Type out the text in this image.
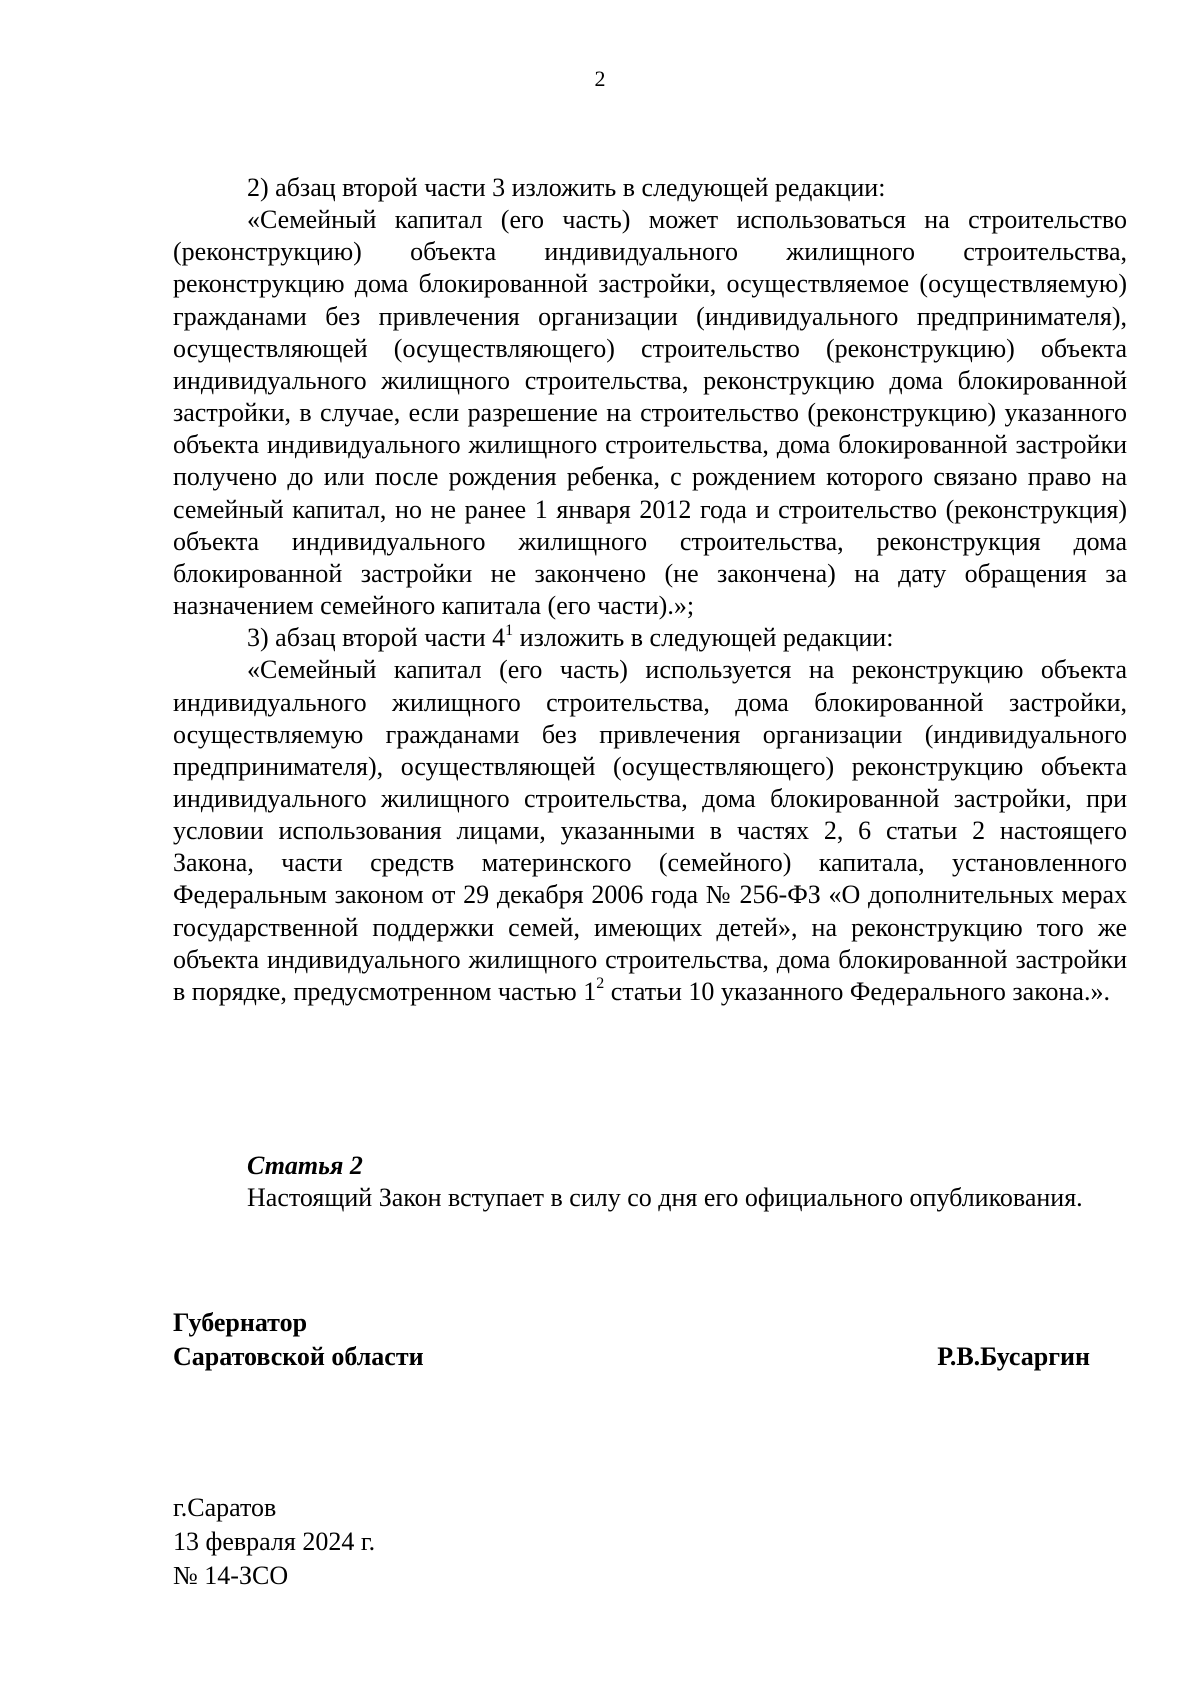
2

2) абзац второй части 3 изложить в следующей редакции:

«Семейный капитал (его часть) может использоваться на строительство (реконструкцию) объекта индивидуального жилищного строительства, реконструкцию дома блокированной застройки, осуществляемое (осуществляемую) гражданами без привлечения организации (индивидуального предпринимателя), осуществляющей (осуществляющего) строительство (реконструкцию) объекта индивидуального жилищного строительства, реконструкцию дома блокированной застройки, в случае, если разрешение на строительство (реконструкцию) указанного объекта индивидуального жилищного строительства, дома блокированной застройки получено до или после рождения ребенка, с рождением которого связано право на семейный капитал, но не ранее 1 января 2012 года и строительство (реконструкция) объекта индивидуального жилищного строительства, реконструкция дома блокированной застройки не закончено (не закончена) на дату обращения за назначением семейного капитала (его части).»;

3) абзац второй части $4^1$ изложить в следующей редакции:

«Семейный капитал (его часть) используется на реконструкцию объекта индивидуального жилищного строительства, дома блокированной застройки, осуществляемую гражданами без привлечения организации (индивидуального предпринимателя), осуществляющей (осуществляющего) реконструкцию объекта индивидуального жилищного строительства, дома блокированной застройки, при условии использования лицами, указанными в частях 2, 6 статьи 2 настоящего Закона, части средств материнского (семейного) капитала, установленного Федеральным законом от 29 декабря 2006 года № 256-ФЗ «О дополнительных мерах государственной поддержки семей, имеющих детей», на реконструкцию того же объекта индивидуального жилищного строительства, дома блокированной застройки в порядке, предусмотренном частью $1^2$ статьи 10 указанного Федерального закона.».

Статья 2

Настоящий Закон вступает в силу со дня его официального опубликования.

Губернатор
Саратовской области	Р.В.Бусаргин
г.Саратов
13 февраля 2024 г.
№ 14-ЗСО
